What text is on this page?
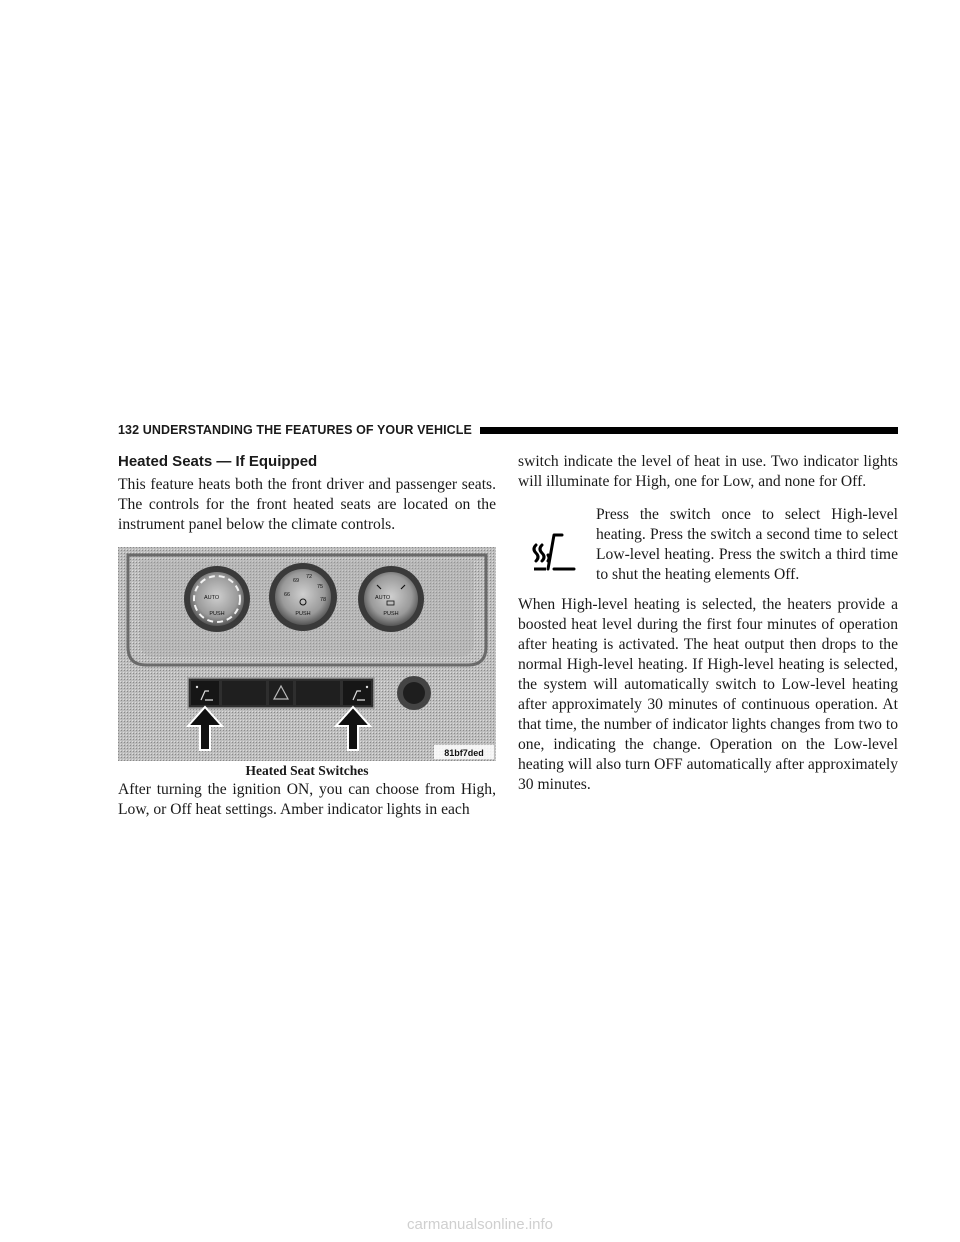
132 UNDERSTANDING THE FEATURES OF YOUR VEHICLE
Heated Seats — If Equipped

This feature heats both the front driver and passenger seats. The controls for the front heated seats are located on the instrument panel below the climate controls.

AUTO
PUSH
69
72
66
75
78
PUSH
AUTO
PUSH
81bf7ded
Heated Seat Switches

After turning the ignition ON, you can choose from High, Low, or Off heat settings. Amber indicator lights in each

switch indicate the level of heat in use. Two indicator lights will illuminate for High, one for Low, and none for Off.

Press the switch once to select High-level heating. Press the switch a second time to select Low-level heating. Press the switch a third time to shut the heating elements Off.

When High-level heating is selected, the heaters provide a boosted heat level during the first four minutes of operation after heating is activated. The heat output then drops to the normal High-level heating. If High-level heating is selected, the system will automatically switch to Low-level heating after approximately 30 minutes of continuous operation. At that time, the number of indicator lights changes from two to one, indicating the change. Operation on the Low-level heating will also turn OFF automatically after approximately 30 minutes.

carmanualsonline.info
